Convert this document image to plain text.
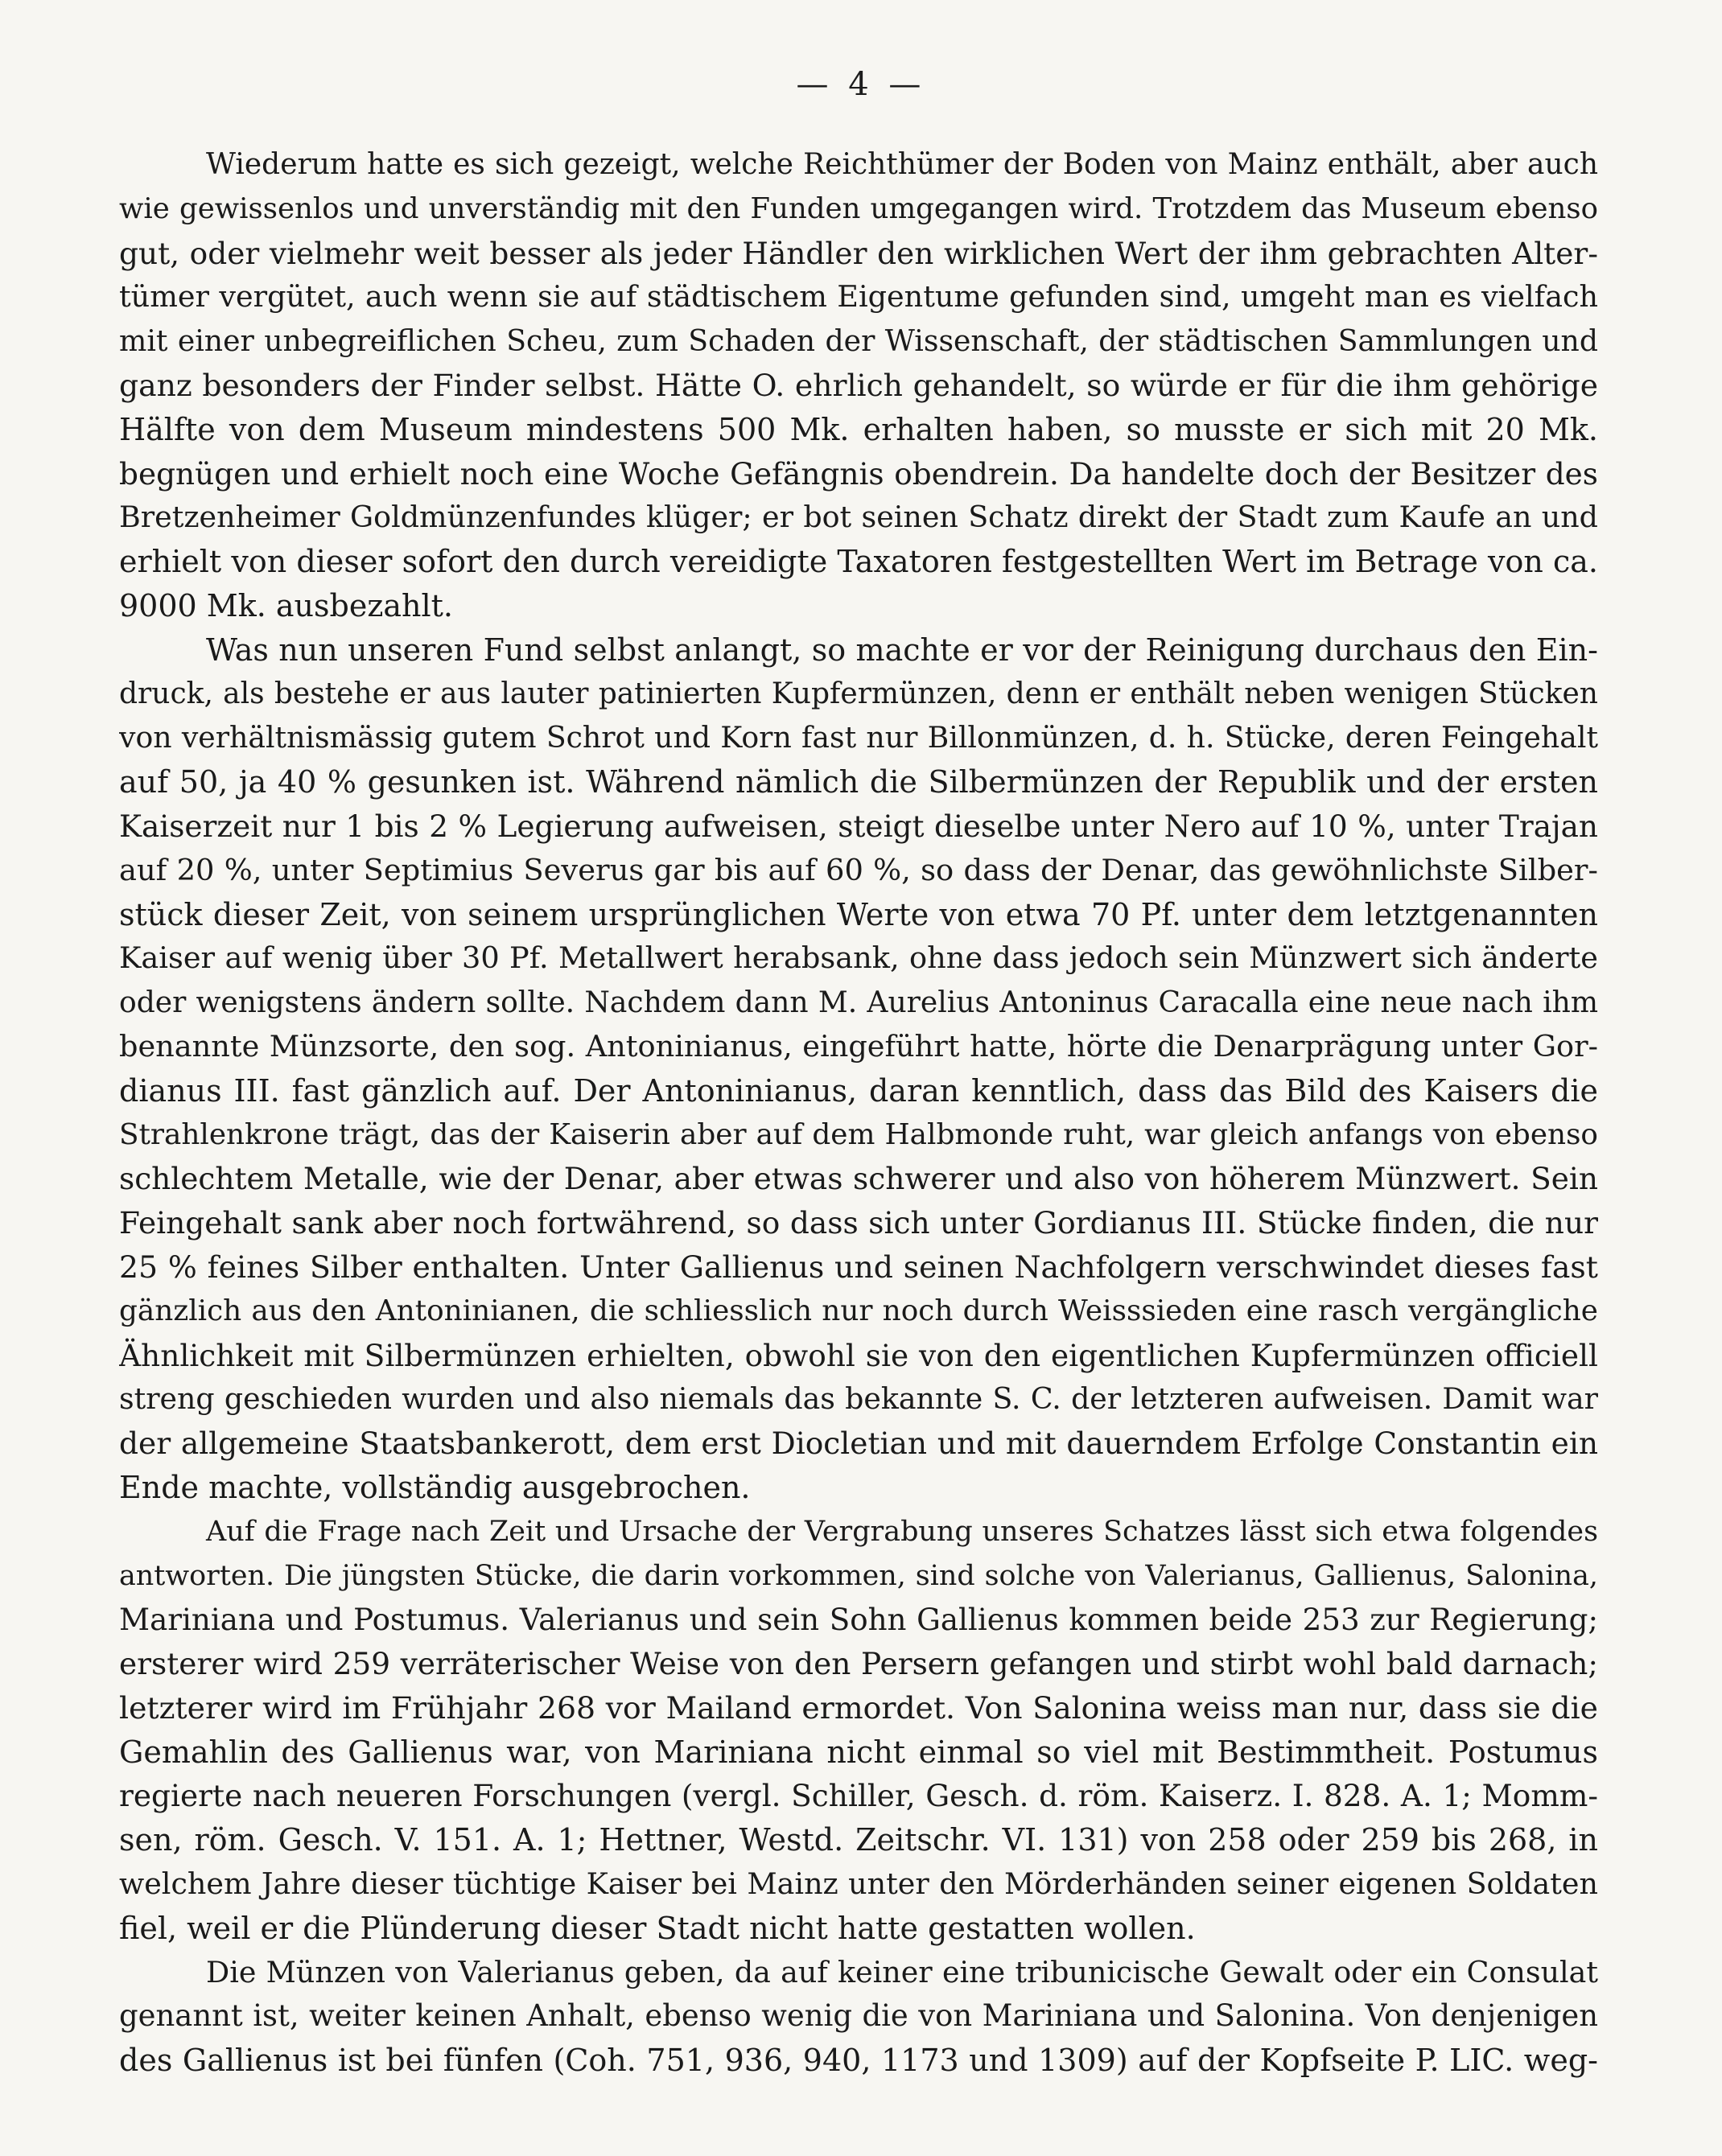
— 4 —
Wiederum hatte es sich gezeigt, welche Reichthümer der Boden von Mainz enthält, aber auch
wie gewissenlos und unverständig mit den Funden umgegangen wird. Trotzdem das Museum ebenso
gut, oder vielmehr weit besser als jeder Händler den wirklichen Wert der ihm gebrachten Alter-
tümer vergütet, auch wenn sie auf städtischem Eigentume gefunden sind, umgeht man es vielfach
mit einer unbegreiflichen Scheu, zum Schaden der Wissenschaft, der städtischen Sammlungen und
ganz besonders der Finder selbst. Hätte O. ehrlich gehandelt, so würde er für die ihm gehörige
Hälfte von dem Museum mindestens 500 Mk. erhalten haben, so musste er sich mit 20 Mk.
begnügen und erhielt noch eine Woche Gefängnis obendrein. Da handelte doch der Besitzer des
Bretzenheimer Goldmünzenfundes klüger; er bot seinen Schatz direkt der Stadt zum Kaufe an und
erhielt von dieser sofort den durch vereidigte Taxatoren festgestellten Wert im Betrage von ca.
9000 Mk. ausbezahlt.
Was nun unseren Fund selbst anlangt, so machte er vor der Reinigung durchaus den Ein-
druck, als bestehe er aus lauter patinierten Kupfermünzen, denn er enthält neben wenigen Stücken
von verhältnismässig gutem Schrot und Korn fast nur Billonmünzen, d. h. Stücke, deren Feingehalt
auf 50, ja 40 % gesunken ist. Während nämlich die Silbermünzen der Republik und der ersten
Kaiserzeit nur 1 bis 2 % Legierung aufweisen, steigt dieselbe unter Nero auf 10 %, unter Trajan
auf 20 %, unter Septimius Severus gar bis auf 60 %, so dass der Denar, das gewöhnlichste Silber-
stück dieser Zeit, von seinem ursprünglichen Werte von etwa 70 Pf. unter dem letztgenannten
Kaiser auf wenig über 30 Pf. Metallwert herabsank, ohne dass jedoch sein Münzwert sich änderte
oder wenigstens ändern sollte. Nachdem dann M. Aurelius Antoninus Caracalla eine neue nach ihm
benannte Münzsorte, den sog. Antoninianus, eingeführt hatte, hörte die Denarprägung unter Gor-
dianus III. fast gänzlich auf. Der Antoninianus, daran kenntlich, dass das Bild des Kaisers die
Strahlenkrone trägt, das der Kaiserin aber auf dem Halbmonde ruht, war gleich anfangs von ebenso
schlechtem Metalle, wie der Denar, aber etwas schwerer und also von höherem Münzwert. Sein
Feingehalt sank aber noch fortwährend, so dass sich unter Gordianus III. Stücke finden, die nur
25 % feines Silber enthalten. Unter Gallienus und seinen Nachfolgern verschwindet dieses fast
gänzlich aus den Antoninianen, die schliesslich nur noch durch Weisssieden eine rasch vergängliche
Ähnlichkeit mit Silbermünzen erhielten, obwohl sie von den eigentlichen Kupfermünzen officiell
streng geschieden wurden und also niemals das bekannte S. C. der letzteren aufweisen. Damit war
der allgemeine Staatsbankerott, dem erst Diocletian und mit dauerndem Erfolge Constantin ein
Ende machte, vollständig ausgebrochen.
Auf die Frage nach Zeit und Ursache der Vergrabung unseres Schatzes lässt sich etwa folgendes
antworten. Die jüngsten Stücke, die darin vorkommen, sind solche von Valerianus, Gallienus, Salonina,
Mariniana und Postumus. Valerianus und sein Sohn Gallienus kommen beide 253 zur Regierung;
ersterer wird 259 verräterischer Weise von den Persern gefangen und stirbt wohl bald darnach;
letzterer wird im Frühjahr 268 vor Mailand ermordet. Von Salonina weiss man nur, dass sie die
Gemahlin des Gallienus war, von Mariniana nicht einmal so viel mit Bestimmtheit. Postumus
regierte nach neueren Forschungen (vergl. Schiller, Gesch. d. röm. Kaiserz. I. 828. A. 1; Momm-
sen, röm. Gesch. V. 151. A. 1; Hettner, Westd. Zeitschr. VI. 131) von 258 oder 259 bis 268, in
welchem Jahre dieser tüchtige Kaiser bei Mainz unter den Mörderhänden seiner eigenen Soldaten
fiel, weil er die Plünderung dieser Stadt nicht hatte gestatten wollen.
Die Münzen von Valerianus geben, da auf keiner eine tribunicische Gewalt oder ein Consulat
genannt ist, weiter keinen Anhalt, ebenso wenig die von Mariniana und Salonina. Von denjenigen
des Gallienus ist bei fünfen (Coh. 751, 936, 940, 1173 und 1309) auf der Kopfseite P. LIC. weg-
